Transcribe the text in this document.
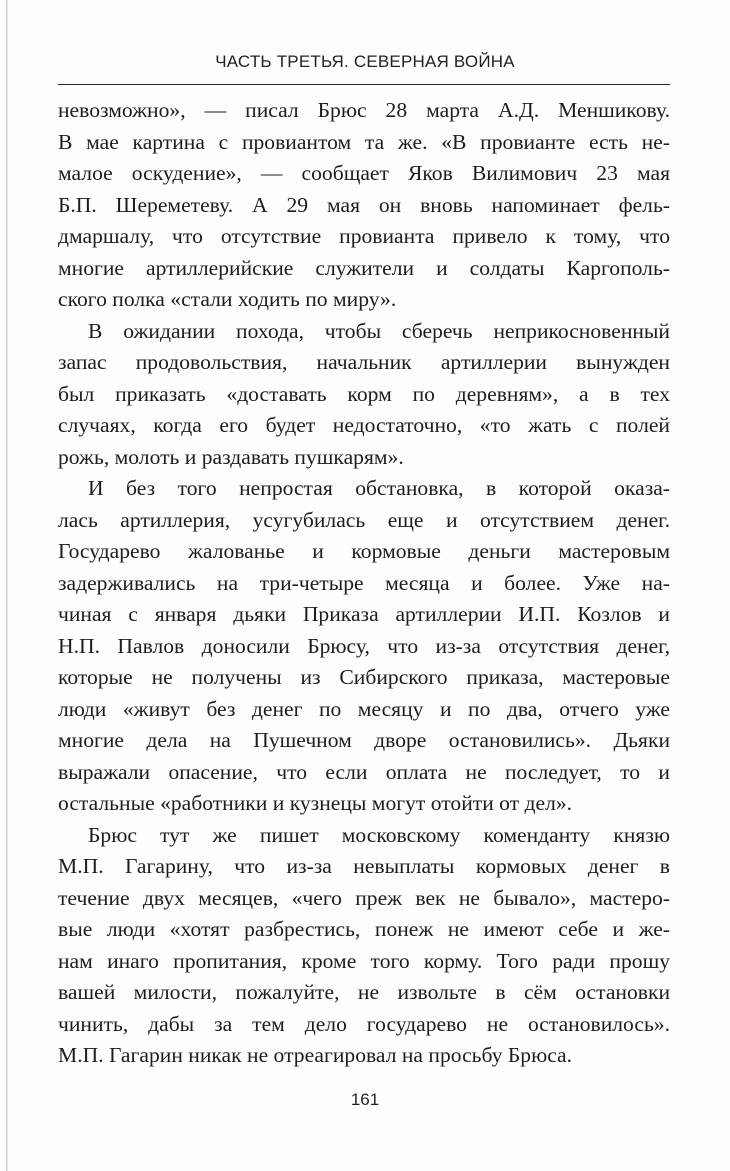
ЧАСТЬ ТРЕТЬЯ. СЕВЕРНАЯ ВОЙНА
невозможно», — писал Брюс 28 марта А.Д. Меншикову.
В мае картина с провиантом та же. «В провианте есть не-
малое оскудение», — сообщает Яков Вилимович 23 мая
Б.П. Шереметеву. А 29 мая он вновь напоминает фель-
дмаршалу, что отсутствие провианта привело к тому, что
многие артиллерийские служители и солдаты Каргополь-
ского полка «стали ходить по миру».
В ожидании похода, чтобы сберечь неприкосновенный
запас продовольствия, начальник артиллерии вынужден
был приказать «доставать корм по деревням», а в тех
случаях, когда его будет недостаточно, «то жать с полей
рожь, молоть и раздавать пушкарям».
И без того непростая обстановка, в которой оказа-
лась артиллерия, усугубилась еще и отсутствием денег.
Государево жалованье и кормовые деньги мастеровым
задерживались на три-четыре месяца и более. Уже на-
чиная с января дьяки Приказа артиллерии И.П. Козлов и
Н.П. Павлов доносили Брюсу, что из-за отсутствия денег,
которые не получены из Сибирского приказа, мастеровые
люди «живут без денег по месяцу и по два, отчего уже
многие дела на Пушечном дворе остановились». Дьяки
выражали опасение, что если оплата не последует, то и
остальные «работники и кузнецы могут отойти от дел».
Брюс тут же пишет московскому коменданту князю
М.П. Гагарину, что из-за невыплаты кормовых денег в
течение двух месяцев, «чего преж век не бывало», мастеро-
вые люди «хотят разбрестись, понеж не имеют себе и же-
нам инаго пропитания, кроме того корму. Того ради прошу
вашей милости, пожалуйте, не извольте в сём остановки
чинить, дабы за тем дело государево не остановилось».
М.П. Гагарин никак не отреагировал на просьбу Брюса.
161
